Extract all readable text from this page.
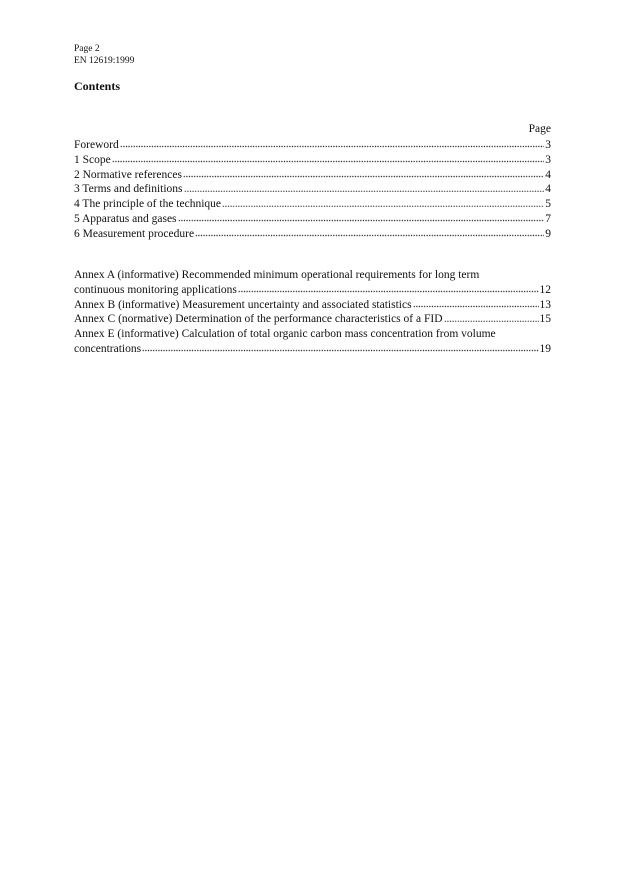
Page 2
EN 12619:1999
Contents
Page
Foreword	3
1 Scope	3
2 Normative references	4
3 Terms and definitions	4
4 The principle of the technique	5
5 Apparatus and gases	7
6 Measurement procedure	9
Annex A (informative) Recommended minimum operational requirements for long term
continuous monitoring applications	12
Annex B (informative) Measurement uncertainty and associated statistics	13
Annex C (normative) Determination of the performance characteristics of a FID	15
Annex E (informative) Calculation of total organic carbon mass concentration from volume
concentrations	19
